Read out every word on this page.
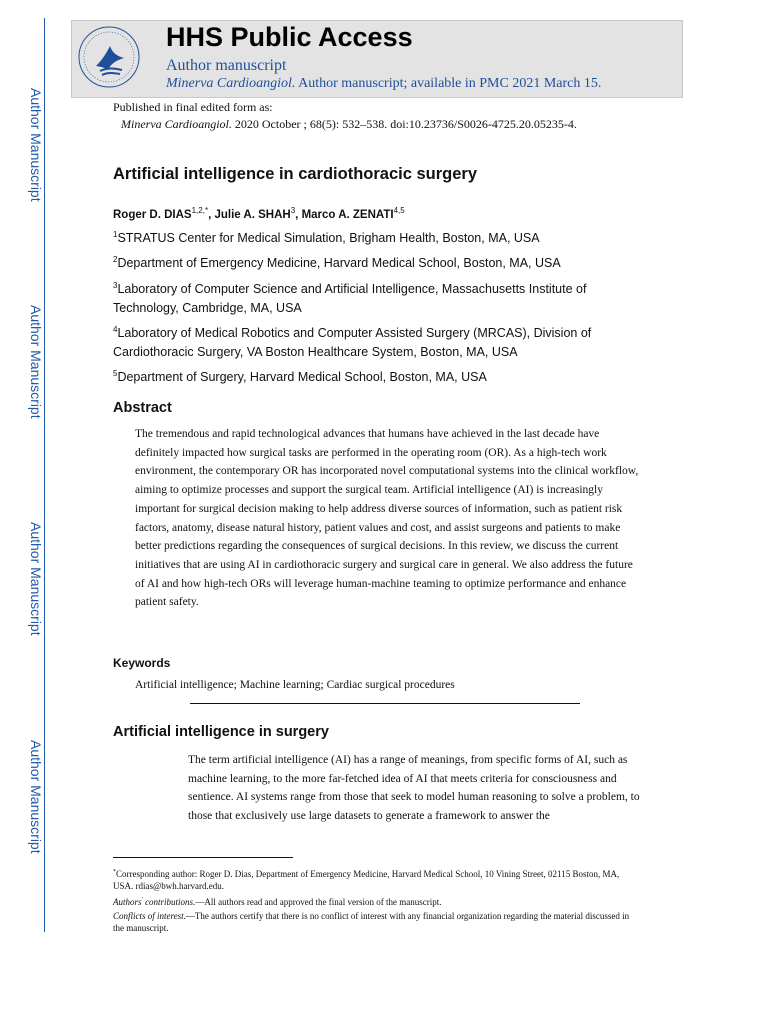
Author Manuscript
Author Manuscript
Author Manuscript
Author Manuscript
HHS Public Access
Author manuscript
Minerva Cardioangiol. Author manuscript; available in PMC 2021 March 15.
Published in final edited form as:
Minerva Cardioangiol. 2020 October ; 68(5): 532–538. doi:10.23736/S0026-4725.20.05235-4.
Artificial intelligence in cardiothoracic surgery
Roger D. $DIAS^{1,2,*}$, Julie A. SHAH$^3$, Marco A. ZENATI$^{4,5}$
$^1$STRATUS Center for Medical Simulation, Brigham Health, Boston, MA, USA
$^2$Department of Emergency Medicine, Harvard Medical School, Boston, MA, USA
$^3$Laboratory of Computer Science and Artificial Intelligence, Massachusetts Institute of Technology, Cambridge, MA, USA
$^4$Laboratory of Medical Robotics and Computer Assisted Surgery (MRCAS), Division of Cardiothoracic Surgery, VA Boston Healthcare System, Boston, MA, USA
$^5$Department of Surgery, Harvard Medical School, Boston, MA, USA
Abstract
The tremendous and rapid technological advances that humans have achieved in the last decade have definitely impacted how surgical tasks are performed in the operating room (OR). As a high-tech work environment, the contemporary OR has incorporated novel computational systems into the clinical workflow, aiming to optimize processes and support the surgical team. Artificial intelligence (AI) is increasingly important for surgical decision making to help address diverse sources of information, such as patient risk factors, anatomy, disease natural history, patient values and cost, and assist surgeons and patients to make better predictions regarding the consequences of surgical decisions. In this review, we discuss the current initiatives that are using AI in cardiothoracic surgery and surgical care in general. We also address the future of AI and how high-tech ORs will leverage human-machine teaming to optimize performance and enhance patient safety.
Keywords
Artificial intelligence; Machine learning; Cardiac surgical procedures
Artificial intelligence in surgery
The term artificial intelligence (AI) has a range of meanings, from specific forms of AI, such as machine learning, to the more far-fetched idea of AI that meets criteria for consciousness and sentience. AI systems range from those that seek to model human reasoning to solve a problem, to those that exclusively use large datasets to generate a framework to answer the

*Corresponding author: Roger D. Dias, Department of Emergency Medicine, Harvard Medical School, 10 Vining Street, 02115 Boston, MA, USA. rdias@bwh.harvard.edu.

Authors' contributions.—All authors read and approved the final version of the manuscript.

Conflicts of interest.—The authors certify that there is no conflict of interest with any financial organization regarding the material discussed in the manuscript.
